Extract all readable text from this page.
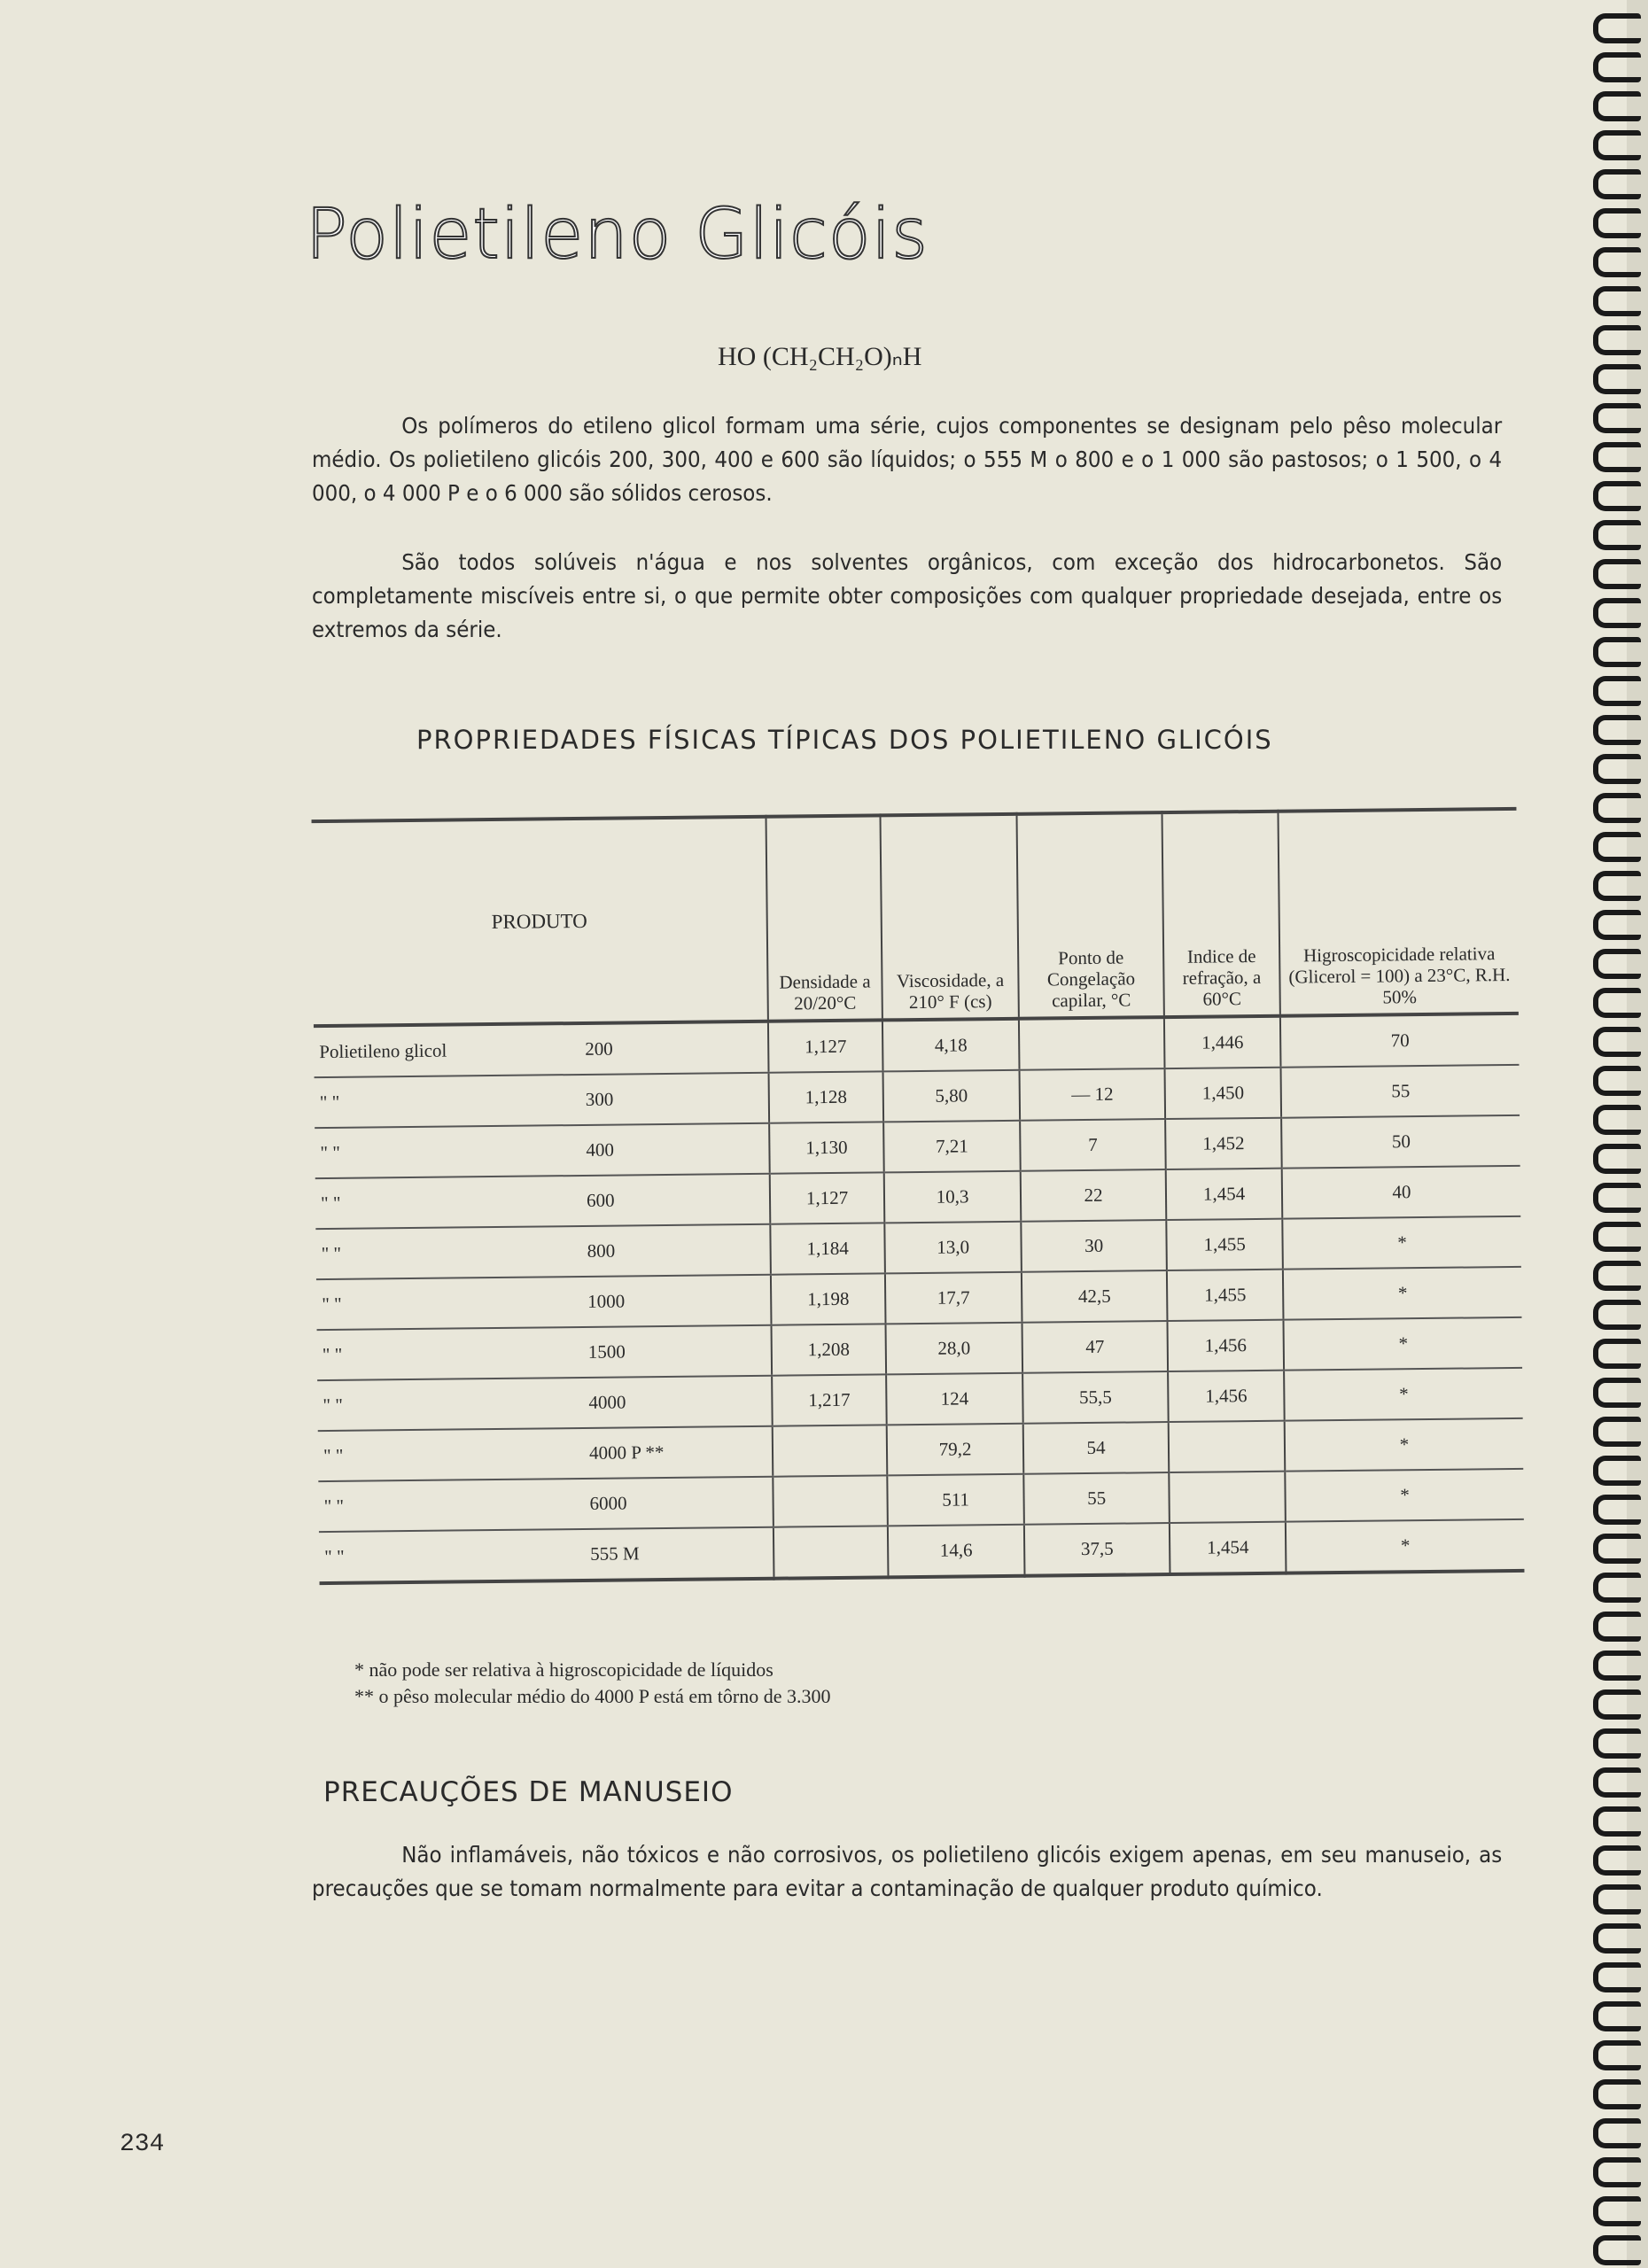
Polietileno Glicóis
HO (CH₂CH₂O)ₙH

Os polímeros do etileno glicol formam uma série, cujos componentes se designam pelo pêso molecular médio. Os polietileno glicóis 200, 300, 400 e 600 são líquidos; o 555 M o 800 e o 1 000 são pastosos; o 1 500, o 4 000, o 4 000 P e o 6 000 são sólidos cerosos.

São todos solúveis n'água e nos solventes orgânicos, com exceção dos hidrocarbonetos. São completamente miscíveis entre si, o que permite obter composições com qualquer propriedade desejada, entre os extremos da série.

PROPRIEDADES FÍSICAS TÍPICAS DOS POLIETILENO GLICÓIS
PRODUTO	Densidade a 20/20°C	Viscosidade, a 210° F (cs)	Ponto de Congelação capilar, °C	Indice de refração, a 60°C	Higroscopicidade relativa (Glicerol = 100) a 23°C, R.H. 50%

Polietileno glicol 200	1,127	4,18		1,446	70

" " 300	1,128	5,80	— 12	1,450	55

" " 400	1,130	7,21	7	1,452	50

" " 600	1,127	10,3	22	1,454	40

" " 800	1,184	13,0	30	1,455	*

" " 1000	1,198	17,7	42,5	1,455	*

" " 1500	1,208	28,0	47	1,456	*

" " 4000	1,217	124	55,5	1,456	*

" " 4000 P **		79,2	54		*

" " 6000		511	55		*

" " 555 M		14,6	37,5	1,454	*
* não pode ser relativa à higroscopicidade de líquidos
** o pêso molecular médio do 4000 P está em tôrno de 3.300
PRECAUÇÕES DE MANUSEIO

Não inflamáveis, não tóxicos e não corrosivos, os polietileno glicóis exigem apenas, em seu manuseio, as precauções que se tomam normalmente para evitar a contaminação de qualquer produto químico.

234
